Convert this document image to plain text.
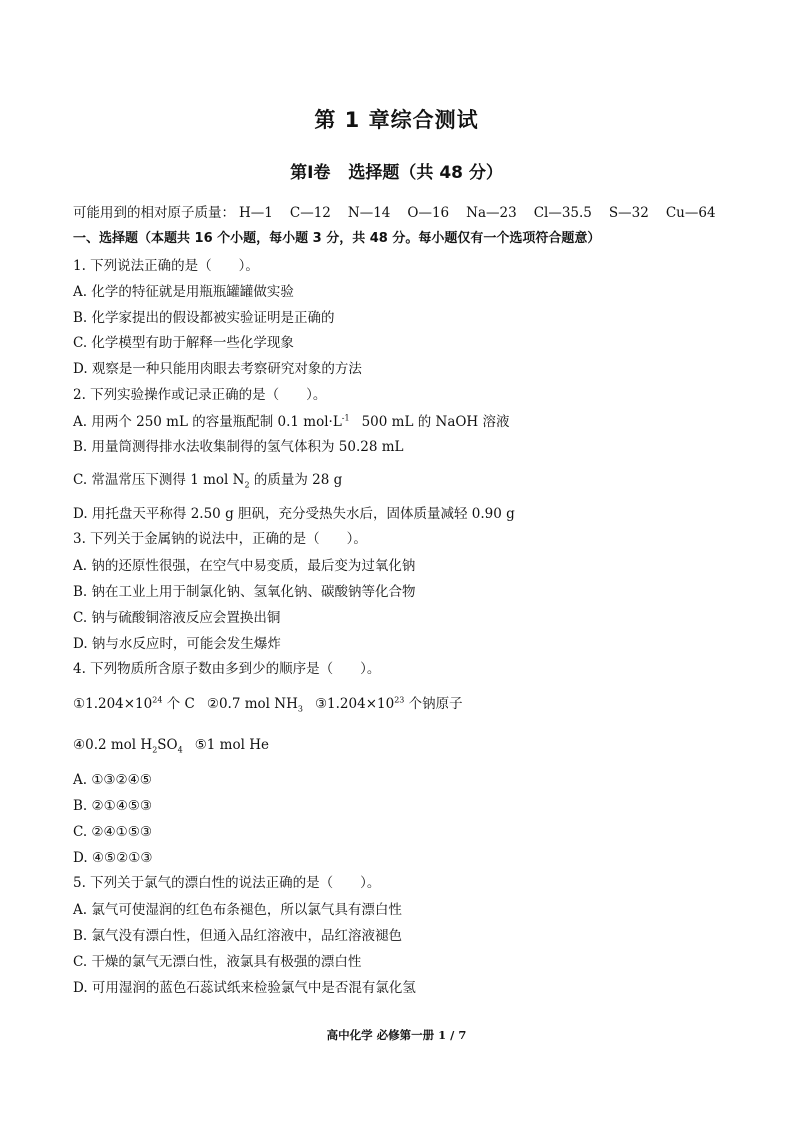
第 1 章综合测试
第Ⅰ卷 选择题（共 48 分）
可能用到的相对原子质量： H—1 C—12 N—14 O—16 Na—23 Cl—35.5 S—32 Cu—64
一、选择题（本题共 16 个小题，每小题 3 分，共 48 分。每小题仅有一个选项符合题意）
1. 下列说法正确的是（　　）。
A. 化学的特征就是用瓶瓶罐罐做实验
B. 化学家提出的假设都被实验证明是正确的
C. 化学模型有助于解释一些化学现象
D. 观察是一种只能用肉眼去考察研究对象的方法
2. 下列实验操作或记录正确的是（　　）。
A. 用两个 250 mL 的容量瓶配制 0.1 $mol\cdot L^{-1}$ 500 mL 的 NaOH 溶液
B. 用量筒测得排水法收集制得的氢气体积为 50.28 mL
C. 常温常压下测得 1 mol $N_2$ 的质量为 28 g
D. 用托盘天平称得 2.50 g 胆矾，充分受热失水后，固体质量减轻 0.90 g
3. 下列关于金属钠的说法中，正确的是（　　）。
A. 钠的还原性很强，在空气中易变质，最后变为过氧化钠
B. 钠在工业上用于制氯化钠、氢氧化钠、碳酸钠等化合物
C. 钠与硫酸铜溶液反应会置换出铜
D. 钠与水反应时，可能会发生爆炸
4. 下列物质所含原子数由多到少的顺序是（　　）。
$①1.204\times 10^{24}$ 个 C ②0.7 mol $NH_3$ $③1.204\times 10^{23}$ 个钠原子
④0.2 mol $H_2SO_4$ ⑤1 mol He
A. ①③②④⑤
B. ②①④⑤③
C. ②④①⑤③
D. ④⑤②①③
5. 下列关于氯气的漂白性的说法正确的是（　　）。
A. 氯气可使湿润的红色布条褪色，所以氯气具有漂白性
B. 氯气没有漂白性，但通入品红溶液中，品红溶液褪色
C. 干燥的氯气无漂白性，液氯具有极强的漂白性
D. 可用湿润的蓝色石蕊试纸来检验氯气中是否混有氯化氢
高中化学 必修第一册 1 / 7
